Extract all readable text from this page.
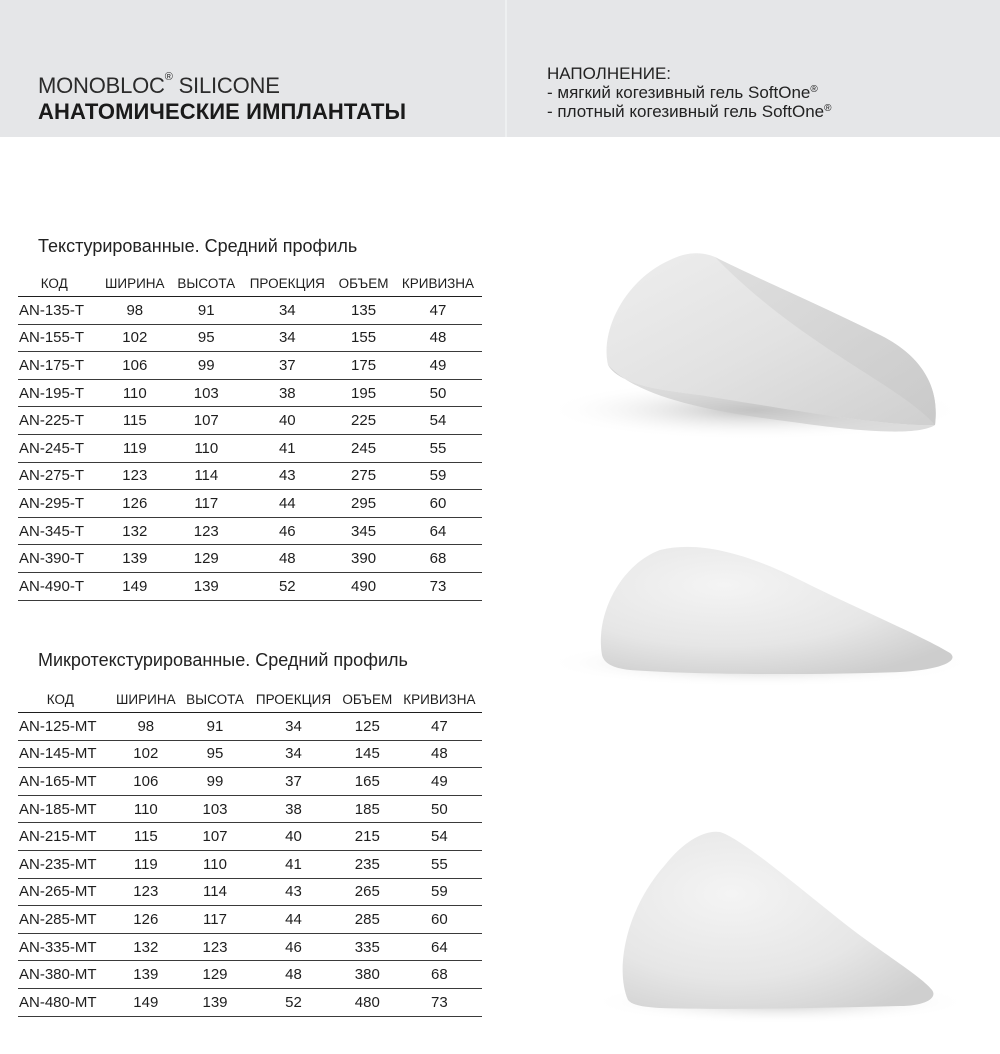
MONOBLOC® SILICONE
АНАТОМИЧЕСКИЕ ИМПЛАНТАТЫ
НАПОЛНЕНИЕ:
- мягкий когезивный гель SoftOne®
- плотный когезивный гель SoftOne®
Текстурированные. Средний профиль
КОД	ШИРИНА	ВЫСОТА	ПРОЕКЦИЯ	ОБЪЕМ	КРИВИЗНА
AN-135-T	98	91	34	135	47
AN-155-T	102	95	34	155	48
AN-175-T	106	99	37	175	49
AN-195-T	110	103	38	195	50
AN-225-T	115	107	40	225	54
AN-245-T	119	110	41	245	55
AN-275-T	123	114	43	275	59
AN-295-T	126	117	44	295	60
AN-345-T	132	123	46	345	64
AN-390-T	139	129	48	390	68
AN-490-T	149	139	52	490	73
Микротекстурированные. Средний профиль
КОД	ШИРИНА	ВЫСОТА	ПРОЕКЦИЯ	ОБЪЕМ	КРИВИЗНА
AN-125-MT	98	91	34	125	47
AN-145-MT	102	95	34	145	48
AN-165-MT	106	99	37	165	49
AN-185-MT	110	103	38	185	50
AN-215-MT	115	107	40	215	54
AN-235-MT	119	110	41	235	55
AN-265-MT	123	114	43	265	59
AN-285-MT	126	117	44	285	60
AN-335-MT	132	123	46	335	64
AN-380-MT	139	129	48	380	68
AN-480-MT	149	139	52	480	73
